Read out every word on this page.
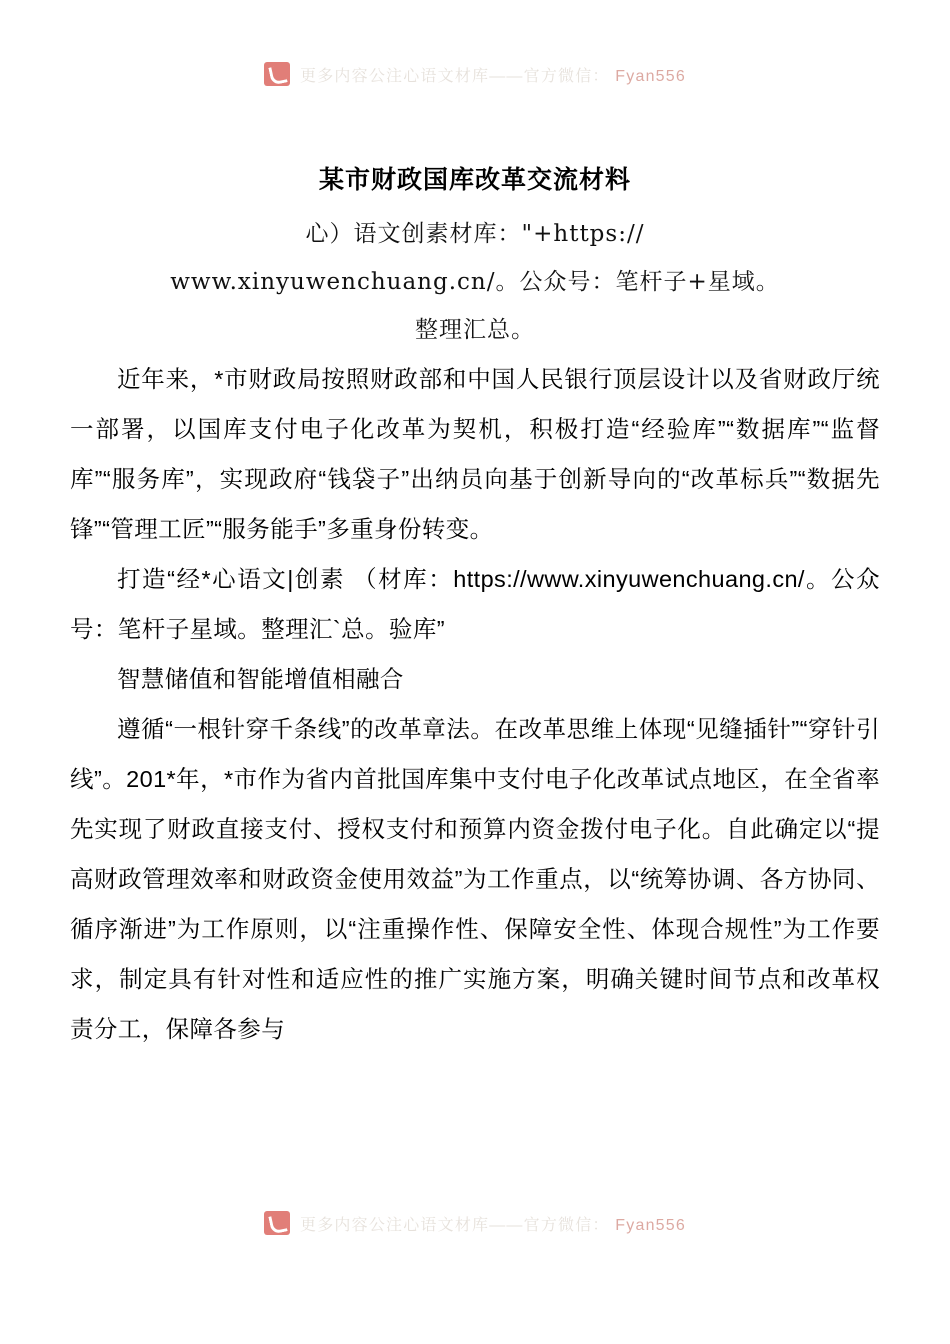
更多内容公注心语文材库——官方微信： Fyan556
某市财政国库改革交流材料
心）语文创素材库："+https://
www.xinyuwenchuang.cn/。公众号：笔杆子+星域。
整理汇总。

近年来，*市财政局按照财政部和中国人民银行顶层设计以及省财政厅统一部署，以国库支付电子化改革为契机，积极打造“经验库”“数据库”“监督库”“服务库”，实现政府“钱袋子”出纳员向基于创新导向的“改革标兵”“数据先锋”“管理工匠”“服务能手”多重身份转变。

打造“经*心语文|创素 （材库：https://www.xinyuwenchuang.cn/。公众号：笔杆子星域。整理汇`总。验库”

智慧储值和智能增值相融合

遵循“一根针穿千条线”的改革章法。在改革思维上体现“见缝插针”“穿针引线”。201*年，*市作为省内首批国库集中支付电子化改革试点地区，在全省率先实现了财政直接支付、授权支付和预算内资金拨付电子化。自此确定以“提高财政管理效率和财政资金使用效益”为工作重点，以“统筹协调、各方协同、循序渐进”为工作原则，以“注重操作性、保障安全性、体现合规性”为工作要求，制定具有针对性和适应性的推广实施方案，明确关键时间节点和改革权责分工，保障各参与

更多内容公注心语文材库——官方微信： Fyan556
